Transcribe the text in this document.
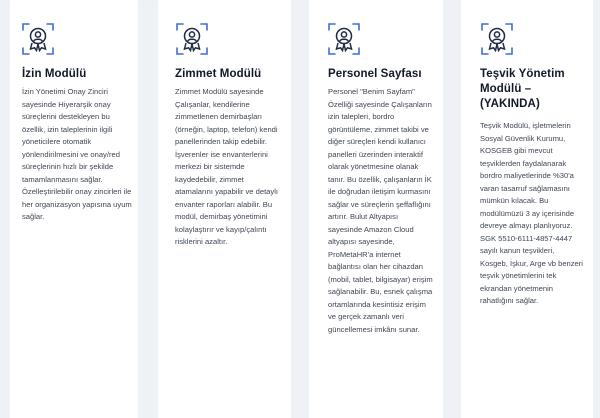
İzin Modülü

İzin Yönetimi Onay Zinciri sayesinde Hiyerarşik onay süreçlerini destekleyen bu özellik, izin taleplerinin ilgili yöneticilere otomatik yönlendirilmesini ve onay/red süreçlerinin hızlı bir şekilde tamamlanmasını sağlar. Özelleştirilebilir onay zincirleri ile her organizasyon yapısına uyum sağlar.

Zimmet Modülü

Zimmet Modülü sayesinde Çalışanlar, kendilerine zimmetlenen demirbaşları (örneğin, laptop, telefon) kendi panellerinden takip edebilir. İşverenler ise envanterlerini merkezi bir sistemde kaydedebilir, zimmet atamalarını yapabilir ve detaylı envanter raporları alabilir. Bu modül, demirbaş yönetimini kolaylaştırır ve kayıp/çalıntı risklerini azaltır.

Personel Sayfası

Personel "Benim Sayfam" Özelliği sayesinde Çalışanların izin talepleri, bordro görüntüleme, zimmet takibi ve diğer süreçleri kendi kullanıcı panelleri üzerinden interaktif olarak yönetmesine olanak tanır. Bu özellik, çalışanların İK ile doğrudan iletişim kurmasını sağlar ve süreçlerin şeffaflığını artırır. Bulut Altyapısı sayesinde Amazon Cloud altyapısı sayesinde, ProMetaHR'a internet bağlantısı olan her cihazdan (mobil, tablet, bilgisayar) erişim sağlanabilir. Bu, esnek çalışma ortamlarında kesintisiz erişim ve gerçek zamanlı veri güncellemesi imkânı sunar.

Teşvik Yönetim Modülü – (YAKINDA)

Teşvik Modülü, işletmelerin Sosyal Güvenlik Kurumu, KOSGEB gibi mevcut teşviklerden faydalanarak bordro maliyetlerinde %30'a varan tasarruf sağlamasını mümkün kılacak. Bu modülümüzü 3 ay içerisinde devreye almayı planlıyoruz. SGK 5510-6111-4857-4447 sayılı kanun teşvikleri, Kosgeb, İşkur, Arge vb benzeri teşvik yönetimlerini tek ekrandan yönetmenin rahatlığını sağlar.
